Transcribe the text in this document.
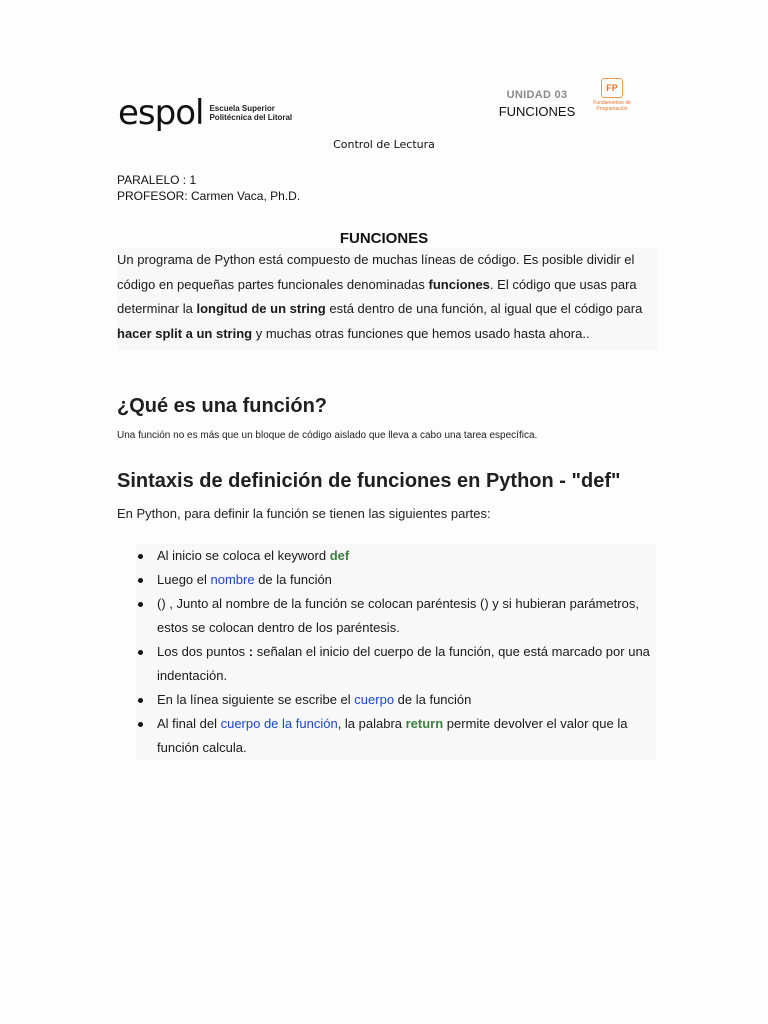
espol Escuela Superior
Politécnica del Litoral
UNIDAD 03
FUNCIONES
FP
Fundamentos de
Programación
Control de Lectura
PARALELO : 1
PROFESOR: Carmen Vaca, Ph.D.
FUNCIONES
Un programa de Python está compuesto de muchas líneas de código. Es posible dividir el código en pequeñas partes funcionales denominadas funciones. El código que usas para determinar la longitud de un string está dentro de una función, al igual que el código para hacer split a un string y muchas otras funciones que hemos usado hasta ahora..
¿Qué es una función?
Una función no es más que un bloque de código aislado que lleva a cabo una tarea específica.
Sintaxis de definición de funciones en Python - "def"
En Python, para definir la función se tienen las siguientes partes:
Al inicio se coloca el keyword def
Luego el nombre de la función
() , Junto al nombre de la función se colocan paréntesis () y si hubieran parámetros, estos se colocan dentro de los paréntesis.
Los dos puntos : señalan el inicio del cuerpo de la función, que está marcado por una indentación.
En la línea siguiente se escribe el cuerpo de la función
Al final del cuerpo de la función, la palabra return permite devolver el valor que la función calcula.
